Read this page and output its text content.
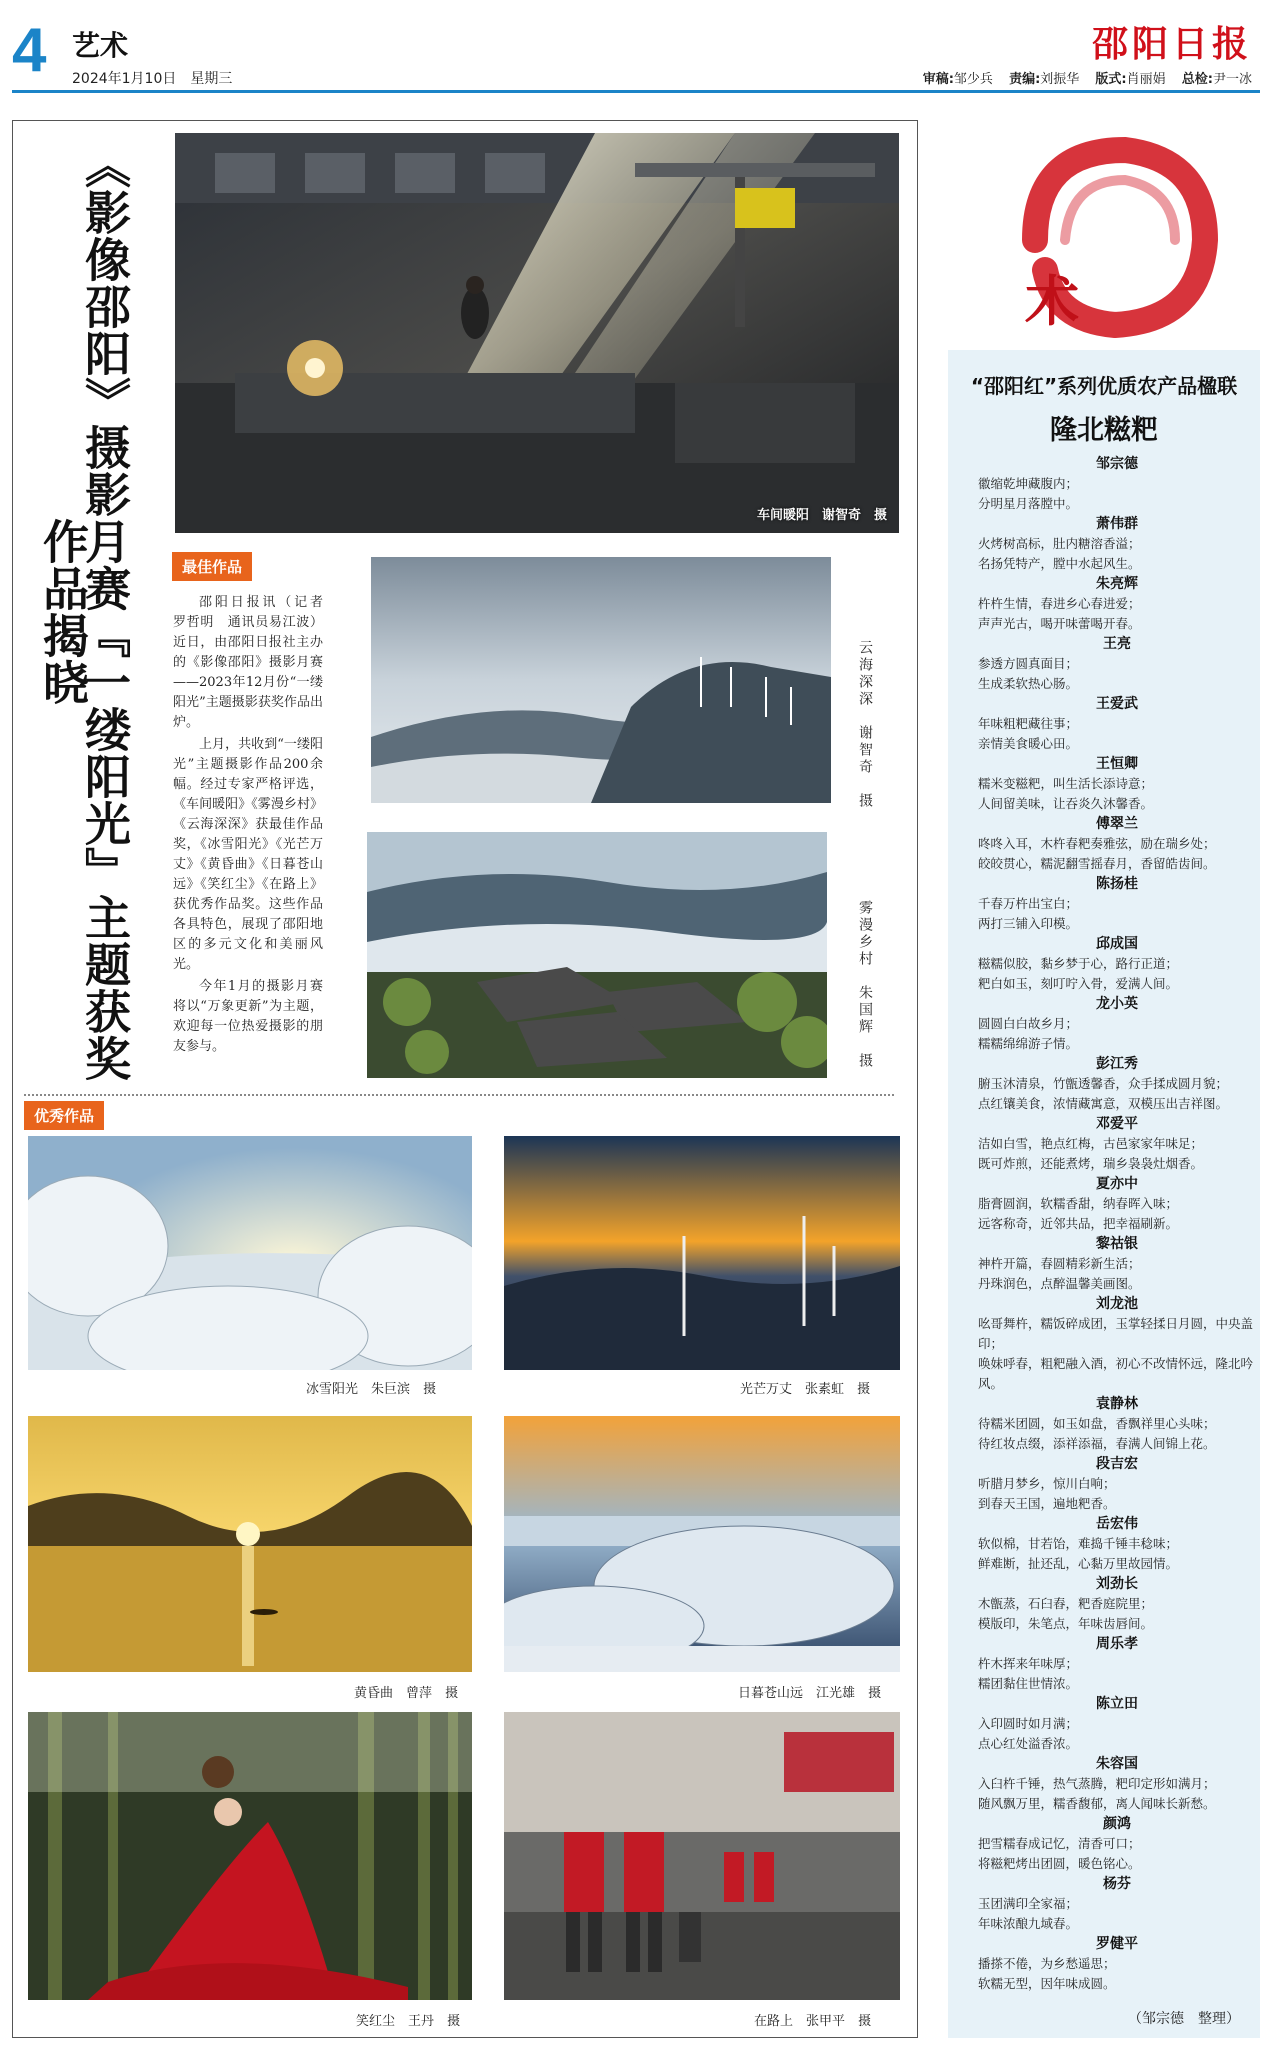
4 艺术
2024年1月10日　星期三
邵阳日报
审稿:邹少兵 责编:刘振华 版式:肖丽娟 总检:尹一冰
《影像邵阳》摄影月赛『一缕阳光』主题获奖作品揭晓
车间暖阳　 谢智奇　摄
最佳作品

邵阳日报讯（记者　罗哲明　通讯员易江波）近日，由邵阳日报社主办的《影像邵阳》摄影月赛——2023年12月份“一缕阳光”主题摄影获奖作品出炉。

上月，共收到“一缕阳光”主题摄影作品200余幅。经过专家严格评选，《车间暖阳》《雾漫乡村》《云海深深》获最佳作品奖，《冰雪阳光》《光芒万丈》《黄昏曲》《日暮苍山远》《笑红尘》《在路上》获优秀作品奖。这些作品各具特色，展现了邵阳地区的多元文化和美丽风光。

今年1月的摄影月赛将以“万象更新”为主题，欢迎每一位热爱摄影的朋友参与。

云海深深　谢智奇　摄
雾漫乡村　朱国辉　摄
优秀作品
冰雪阳光　 朱巨滨　 摄	光芒万丈　 张素虹　 摄
黄昏曲　 曾萍　 摄	日暮苍山远　 江光雄　 摄
笑红尘　 王丹　 摄	在路上　 张甲平　 摄
艺
术
“邵阳红”系列优质农产品楹联
隆北糍粑
邹宗德
徽缩乾坤藏腹内；
分明星月落膛中。
萧伟群
火烤树高标，肚内糖溶香溢；
名扬凭特产，膛中水起风生。
朱亮辉
杵杵生情，春进乡心春进爱；
声声光古，喝开味蕾喝开春。
王亮
参透方圆真面目；
生成柔软热心肠。
王爱武
年味粗粑藏往事；
亲情美食暖心田。
王恒卿
糯米变糍粑，叫生活长添诗意；
人间留美味，让吞炎久沐馨香。
傅翠兰
咚咚入耳，木杵春粑奏雅弦，励在瑞乡处；
皎皎贯心，糯泥翻雪摇春月，香留皓齿间。
陈扬桂
千春万杵出宝白；
两打三铺入印模。
邱成国
糍糯似胶，黏乡梦于心，路行正道；
粑白如玉，刻叮咛入骨，爱满人间。
龙小英
圆圆白白故乡月；
糯糯绵绵游子情。
彭江秀
腑玉沐清泉，竹甑透馨香，众手揉成圆月貌；
点红镶美食，浓情藏寓意，双模压出吉祥图。
邓爱平
洁如白雪，艳点红梅，古邑家家年味足；
既可炸煎，还能煮烤，瑞乡袅袅灶烟香。
夏亦中
脂膏圆润，软糯香甜，纳春晖入味；
远客称奇，近邻共品，把幸福刷新。
黎祜银
神杵开篇，春圆精彩新生活；
丹珠润色，点醉温馨美画图。
刘龙池
吆哥舞杵，糯饭碎成团，玉掌轻揉日月圆，中央盖印；
唤妹呼春，粗粑融入酒，初心不改情怀远，隆北吟风。
袁静林
待糯米团圆，如玉如盘，香飘祥里心头味；
待红妆点缀，添祥添福，春满人间锦上花。
段吉宏
听腊月梦乡，惊川白响；
到春天王国，遍地粑香。
岳宏伟
软似棉，甘若饴，难捣千锤丰稔味；
鲜难断，扯还乱，心黏万里故园情。
刘劲长
木甑蒸，石臼舂，粑香庭院里；
模版印，朱笔点，年味齿唇间。
周乐孝
杵木挥来年味厚；
糯团黏住世情浓。
陈立田
入印圆时如月满；
点心红处溢香浓。
朱容国
入臼杵千锤，热气蒸腾，粑印定形如满月；
随风飘万里，糯香馥郁，离人闻味长新愁。
颜鸿
把雪糯春成记忆，清香可口；
将糍粑烤出团圆，暖色铭心。
杨芬
玉团满印全家福；
年味浓酿九域春。
罗健平
播搽不倦，为乡愁遥思；
软糯无型，因年味成圆。
（邹宗德　整理）
